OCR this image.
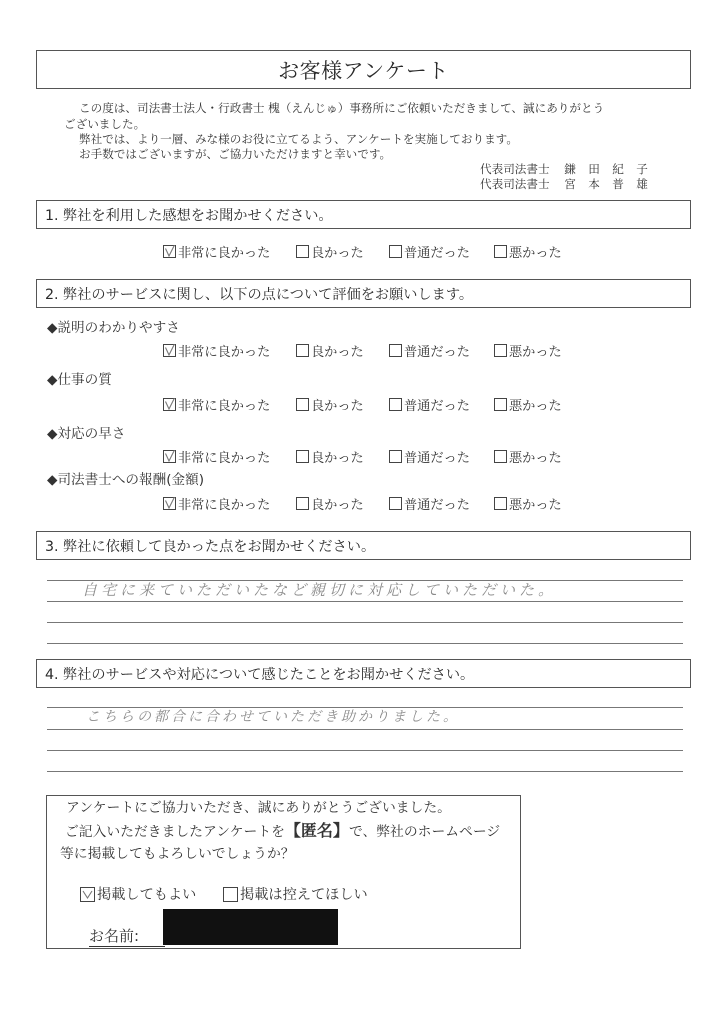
お客様アンケート
この度は、司法書士法人・行政書士 槐（えんじゅ）事務所にご依頼いただきまして、誠にありがとう
ございました。
弊社では、より一層、みな様のお役に立てるよう、アンケートを実施しております。
お手数ではございますが、ご協力いただけますと幸いです。
代表司法書士 鎌 田 紀 子
代表司法書士 宮 本 普 雄
1. 弊社を利用した感想をお聞かせください。
非常に良かった	良かった	普通だった	悪かった
2. 弊社のサービスに関し、以下の点について評価をお願いします。
◆説明のわかりやすさ
非常に良かった	良かった	普通だった	悪かった
◆仕事の質
非常に良かった	良かった	普通だった	悪かった
◆対応の早さ
非常に良かった	良かった	普通だった	悪かった
◆司法書士への報酬(金額)
非常に良かった	良かった	普通だった	悪かった
3. 弊社に依頼して良かった点をお聞かせください。
自宅に来ていただいたなど親切に対応していただいた。
4. 弊社のサービスや対応について感じたことをお聞かせください。
こちらの都合に合わせていただき助かりました。
アンケートにご協力いただき、誠にありがとうございました。
ご記入いただきましたアンケートを【匿名】で、弊社のホームページ
等に掲載してもよろしいでしょうか？
掲載してもよい	掲載は控えてほしい
お名前:
